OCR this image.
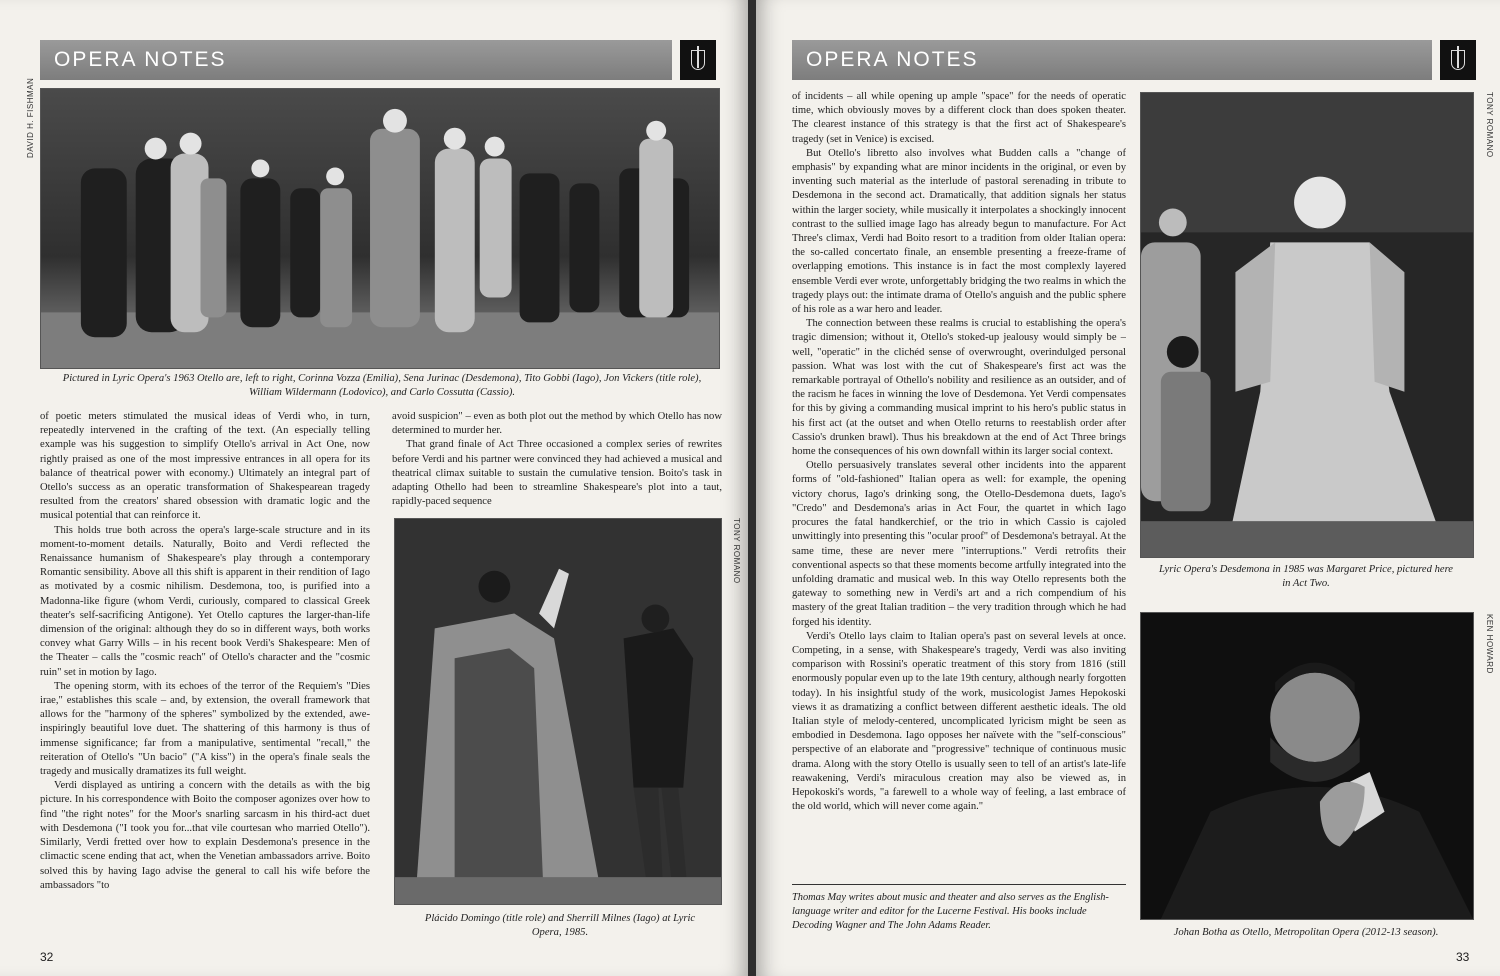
OPERA NOTES
DAVID H. FISHMAN
Pictured in Lyric Opera's 1963 Otello are, left to right, Corinna Vozza (Emilia), Sena Jurinac (Desdemona), Tito Gobbi (Iago), Jon Vickers (title role), William Wildermann (Lodovico), and Carlo Cossutta (Cassio).

of poetic meters stimulated the musical ideas of Verdi who, in turn, repeatedly intervened in the crafting of the text. (An especially telling example was his suggestion to simplify Otello's arrival in Act One, now rightly praised as one of the most impressive entrances in all opera for its balance of theatrical power with economy.) Ultimately an integral part of Otello's success as an operatic transformation of Shakespearean tragedy resulted from the creators' shared obsession with dramatic logic and the musical potential that can reinforce it.

This holds true both across the opera's large-scale structure and in its moment-to-moment details. Naturally, Boito and Verdi reflected the Renaissance humanism of Shakespeare's play through a contemporary Romantic sensibility. Above all this shift is apparent in their rendition of Iago as motivated by a cosmic nihilism. Desdemona, too, is purified into a Madonna-like figure (whom Verdi, curiously, compared to classical Greek theater's self-sacrificing Antigone). Yet Otello captures the larger-than-life dimension of the original: although they do so in different ways, both works convey what Garry Wills – in his recent book Verdi's Shakespeare: Men of the Theater – calls the "cosmic reach" of Otello's character and the "cosmic ruin" set in motion by Iago.

The opening storm, with its echoes of the terror of the Requiem's "Dies irae," establishes this scale – and, by extension, the overall framework that allows for the "harmony of the spheres" symbolized by the extended, awe-inspiringly beautiful love duet. The shattering of this harmony is thus of immense significance; far from a manipulative, sentimental "recall," the reiteration of Otello's "Un bacio" ("A kiss") in the opera's finale seals the tragedy and musically dramatizes its full weight.

Verdi displayed as untiring a concern with the details as with the big picture. In his correspondence with Boito the composer agonizes over how to find "the right notes" for the Moor's snarling sarcasm in his third-act duet with Desdemona ("I took you for...that vile courtesan who married Otello"). Similarly, Verdi fretted over how to explain Desdemona's presence in the climactic scene ending that act, when the Venetian ambassadors arrive. Boito solved this by having Iago advise the general to call his wife before the ambassadors "to

avoid suspicion" – even as both plot out the method by which Otello has now determined to murder her.

That grand finale of Act Three occasioned a complex series of rewrites before Verdi and his partner were convinced they had achieved a musical and theatrical climax suitable to sustain the cumulative tension. Boito's task in adapting Othello had been to streamline Shakespeare's plot into a taut, rapidly-paced sequence

TONY ROMANO
Plácido Domingo (title role) and Sherrill Milnes (Iago) at Lyric Opera, 1985.
32
OPERA NOTES

of incidents – all while opening up ample "space" for the needs of operatic time, which obviously moves by a different clock than does spoken theater. The clearest instance of this strategy is that the first act of Shakespeare's tragedy (set in Venice) is excised.

But Otello's libretto also involves what Budden calls a "change of emphasis" by expanding what are minor incidents in the original, or even by inventing such material as the interlude of pastoral serenading in tribute to Desdemona in the second act. Dramatically, that addition signals her status within the larger society, while musically it interpolates a shockingly innocent contrast to the sullied image Iago has already begun to manufacture. For Act Three's climax, Verdi had Boito resort to a tradition from older Italian opera: the so-called concertato finale, an ensemble presenting a freeze-frame of overlapping emotions. This instance is in fact the most complexly layered ensemble Verdi ever wrote, unforgettably bridging the two realms in which the tragedy plays out: the intimate drama of Otello's anguish and the public sphere of his role as a war hero and leader.

The connection between these realms is crucial to establishing the opera's tragic dimension; without it, Otello's stoked-up jealousy would simply be – well, "operatic" in the clichéd sense of overwrought, overindulged personal passion. What was lost with the cut of Shakespeare's first act was the remarkable portrayal of Othello's nobility and resilience as an outsider, and of the racism he faces in winning the love of Desdemona. Yet Verdi compensates for this by giving a commanding musical imprint to his hero's public status in his first act (at the outset and when Otello returns to reestablish order after Cassio's drunken brawl). Thus his breakdown at the end of Act Three brings home the consequences of his own downfall within its larger social context.

Otello persuasively translates several other incidents into the apparent forms of "old-fashioned" Italian opera as well: for example, the opening victory chorus, Iago's drinking song, the Otello-Desdemona duets, Iago's "Credo" and Desdemona's arias in Act Four, the quartet in which Iago procures the fatal handkerchief, or the trio in which Cassio is cajoled unwittingly into presenting this "ocular proof" of Desdemona's betrayal. At the same time, these are never mere "interruptions." Verdi retrofits their conventional aspects so that these moments become artfully integrated into the unfolding dramatic and musical web. In this way Otello represents both the gateway to something new in Verdi's art and a rich compendium of his mastery of the great Italian tradition – the very tradition through which he had forged his identity.

Verdi's Otello lays claim to Italian opera's past on several levels at once. Competing, in a sense, with Shakespeare's tragedy, Verdi was also inviting comparison with Rossini's operatic treatment of this story from 1816 (still enormously popular even up to the late 19th century, although nearly forgotten today). In his insightful study of the work, musicologist James Hepokoski views it as dramatizing a conflict between different aesthetic ideals. The old Italian style of melody-centered, uncomplicated lyricism might be seen as embodied in Desdemona. Iago opposes her naïvete with the "self-conscious" perspective of an elaborate and "progressive" technique of continuous music drama. Along with the story Otello is usually seen to tell of an artist's late-life reawakening, Verdi's miraculous creation may also be viewed as, in Hepokoski's words, "a farewell to a whole way of feeling, a last embrace of the old world, which will never come again."

Thomas May writes about music and theater and also serves as the English-language writer and editor for the Lucerne Festival. His books include Decoding Wagner and The John Adams Reader.
TONY ROMANO
Lyric Opera's Desdemona in 1985 was Margaret Price, pictured here in Act Two.
KEN HOWARD
Johan Botha as Otello, Metropolitan Opera (2012-13 season).
33
